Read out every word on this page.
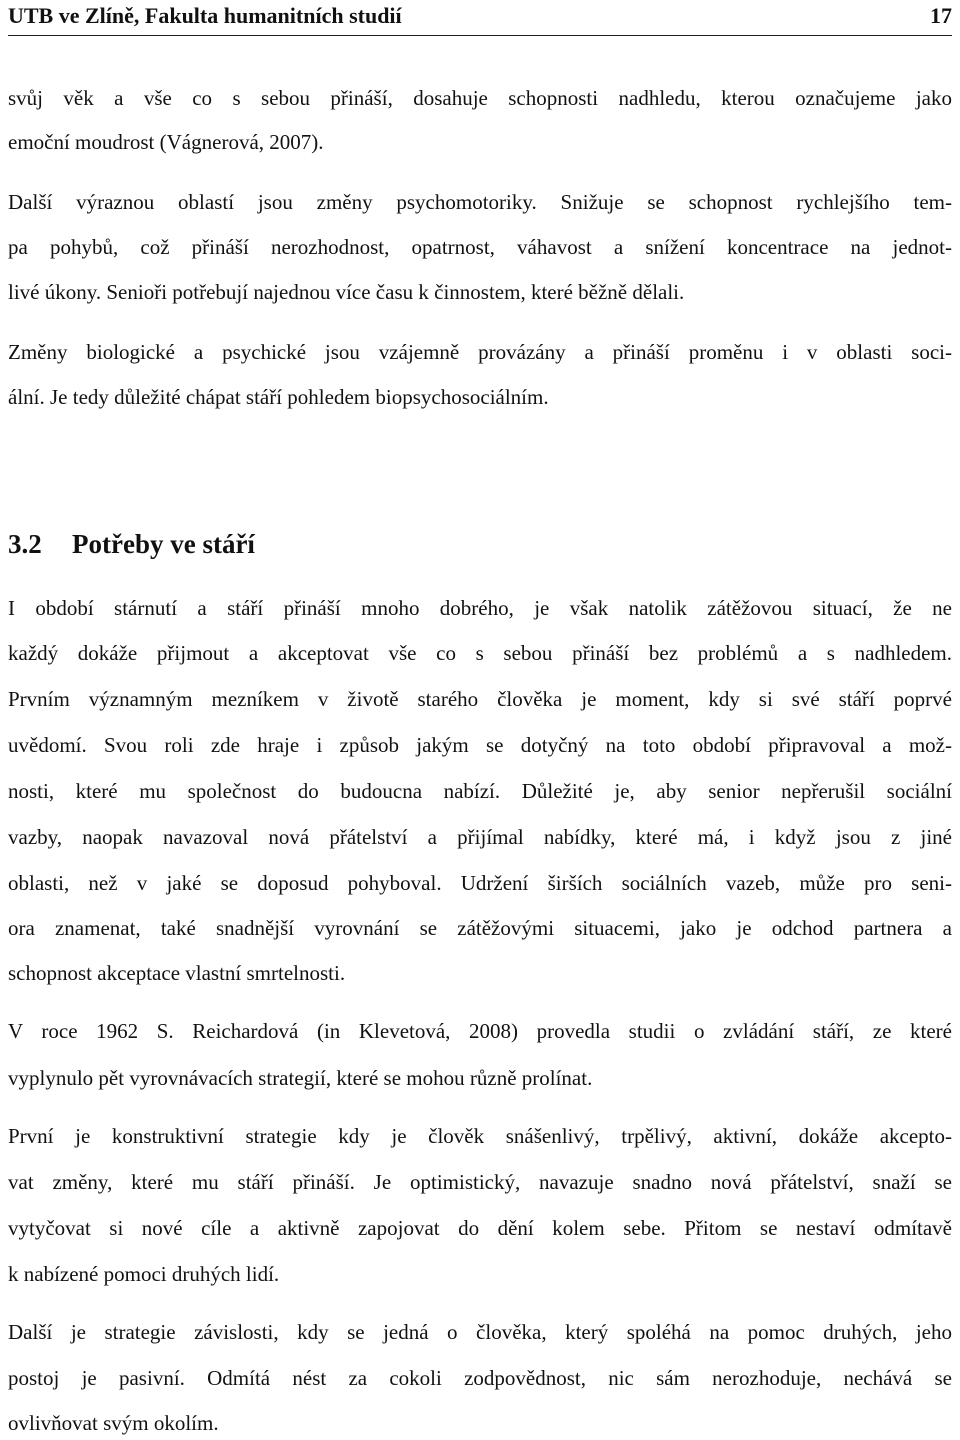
UTB ve Zlíně, Fakultа humanitních studií	17
svůj věk a vše co s sebou přináší, dosahuje schopnosti nadhledu, kterou označujeme jako
emoční moudrost (Vágnerová, 2007).
Další výraznou oblastí jsou změny psychomotoriky. Snižuje se schopnost rychlejšího tem-
pa pohybů, což přináší nerozhodnost, opatrnost, váhavost a snížení koncentrace na jednot-
livé úkony. Senioři potřebují najednou více času k činnostem, které běžně dělali.
Změny biologické a psychické jsou vzájemně provázány a přináší proměnu i v oblasti soci-
ální. Je tedy důležité chápat stáří pohledem biopsychosociálním.
3.2 Potřeby ve stáří
I období stárnutí a stáří přináší mnoho dobrého, je však natolik zátěžovou situací, že ne
každý dokáže přijmout a akceptovat vše co s sebou přináší bez problémů a s nadhledem.
Prvním významným mezníkem v životě starého člověka je moment, kdy si své stáří poprvé
uvědomí. Svou roli zde hraje i způsob jakým se dotyčný na toto období připravoval a mož-
nosti, které mu společnost do budoucna nabízí. Důležité je, aby senior nepřerušil sociální
vazby, naopak navazoval nová přátelství a přijímal nabídky, které má, i když jsou z jiné
oblasti, než v jaké se doposud pohyboval. Udržení širších sociálních vazeb, může pro seni-
ora znamenat, také snadnější vyrovnání se zátěžovými situacemi, jako je odchod partnera a
schopnost akceptace vlastní smrtelnosti.
V roce 1962 S. Reichardová (in Klevetová, 2008) provedla studii o zvládání stáří, ze které
vyplynulo pět vyrovnávacích strategií, které se mohou různě prolínat.
První je konstruktivní strategie kdy je člověk snášenlivý, trpělivý, aktivní, dokáže akcepto-
vat změny, které mu stáří přináší. Je optimistický, navazuje snadno nová přátelství, snaží se
vytyčovat si nové cíle a aktivně zapojovat do dění kolem sebe. Přitom se nestaví odmítavě
k nabízené pomoci druhých lidí.
Další je strategie závislosti, kdy se jedná o člověka, který spoléhá na pomoc druhých, jeho
postoj je pasivní. Odmítá nést za cokoli zodpovědnost, nic sám nerozhoduje, nechává se
ovlivňovat svým okolím.
